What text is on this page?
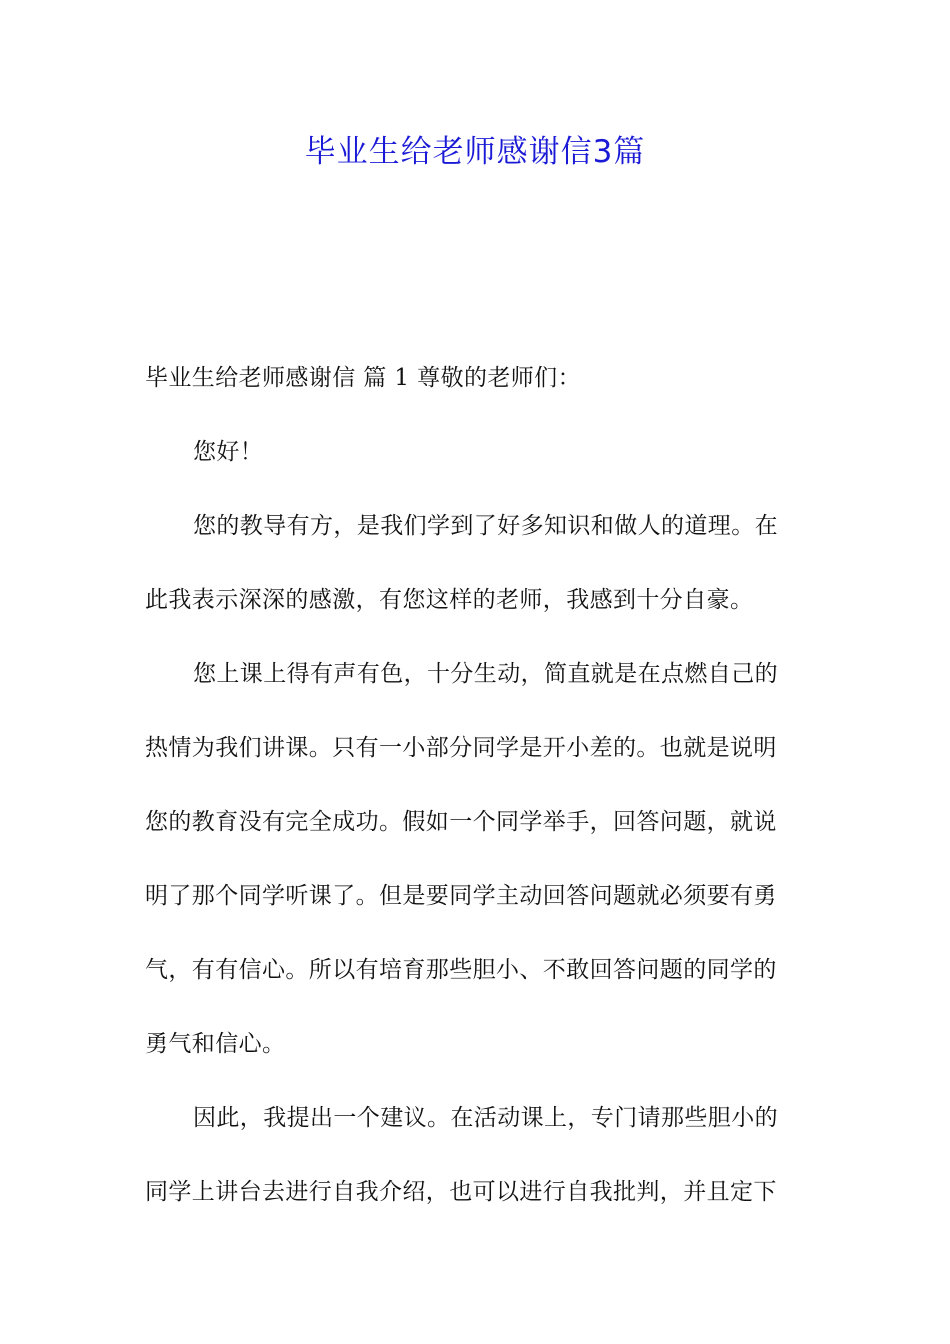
毕业生给老师感谢信3篇

毕业生给老师感谢信 篇 1 尊敬的老师们：

您好！

您的教导有方，是我们学到了好多知识和做人的道理。在
此我表示深深的感激，有您这样的老师，我感到十分自豪。

您上课上得有声有色，十分生动，简直就是在点燃自己的
热情为我们讲课。只有一小部分同学是开小差的。也就是说明
您的教育没有完全成功。假如一个同学举手，回答问题，就说
明了那个同学听课了。但是要同学主动回答问题就必须要有勇
气，有有信心。所以有培育那些胆小、不敢回答问题的同学的
勇气和信心。

因此，我提出一个建议。在活动课上，专门请那些胆小的
同学上讲台去进行自我介绍，也可以进行自我批判，并且定下
